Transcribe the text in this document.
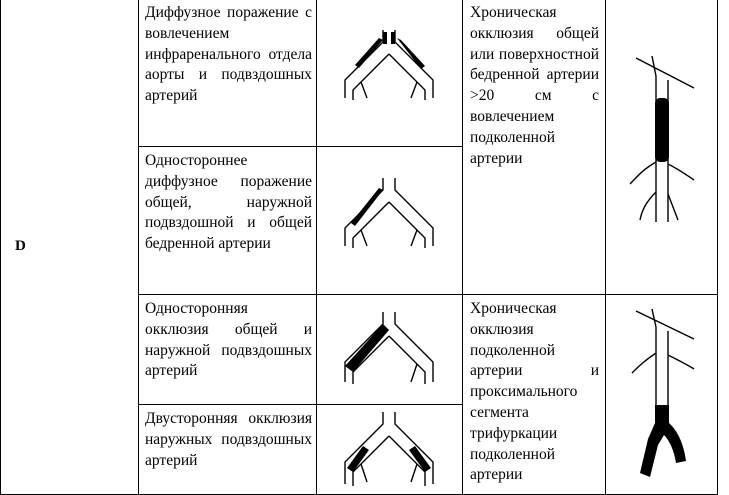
D	Диффузное поражение с вовлечением инфраренального отдела аорты и подвздошных артерий		Хроническая окклюзия общей или поверхностной бедренной артерии >20 см с вовлечением подколенной артерии	

	Одностороннее диффузное поражение общей, наружной подвздошной и общей бедренной артерии	

	Односторонняя окклюзия общей и наружной подвздошных артерий		Хроническая окклюзия подколенной артерии и проксимального сегмента трифуркации подколенной артерии	

	Двусторонняя окклюзия наружных подвздошных артерий	
